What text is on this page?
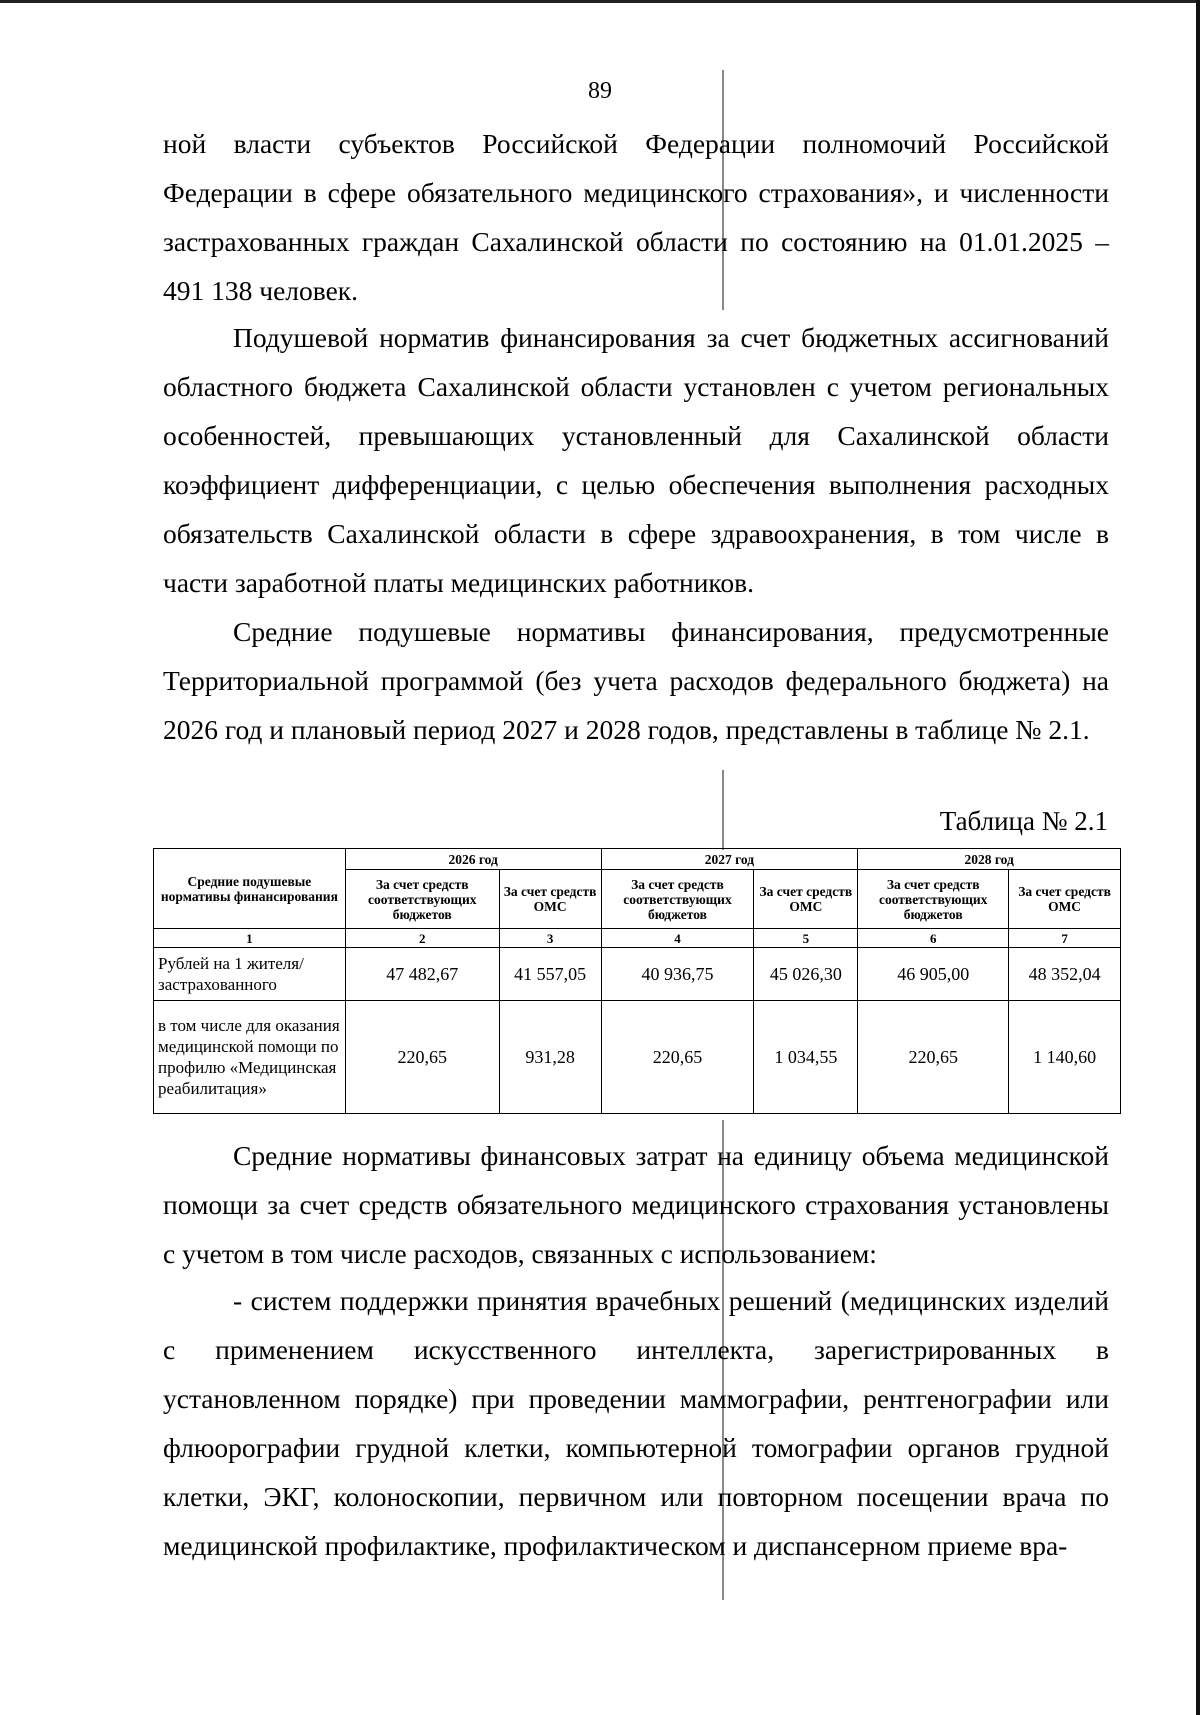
89

ной власти субъектов Российской Федерации полномочий Российской Федерации в сфере обязательного медицинского страхования», и численности застрахованных граждан Сахалинской области по состоянию на 01.01.2025 – 491 138 человек.

Подушевой норматив финансирования за счет бюджетных ассигнований областного бюджета Сахалинской области установлен с учетом региональных особенностей, превышающих установленный для Сахалинской области коэффициент дифференциации, с целью обеспечения выполнения расходных обязательств Сахалинской области в сфере здравоохранения, в том числе в части заработной платы медицинских работников.

Средние подушевые нормативы финансирования, предусмотренные Территориальной программой (без учета расходов федерального бюджета) на 2026 год и плановый период 2027 и 2028 годов, представлены в таблице № 2.1.

Таблица № 2.1
Средние подушевые нормативы финансирования	2026 год		2027 год		2028 год	
	За счет средств соответствующих бюджетов	За счет средств ОМС	За счет средств соответствующих бюджетов	За счет средств ОМС	За счет средств соответствующих бюджетов	За счет средств ОМС
1	2	3	4	5	6	7
Рублей на 1 жителя/ застрахованного	47 482,67	41 557,05	40 936,75	45 026,30	46 905,00	48 352,04
в том числе для оказания медицинской помощи по профилю «Медицинская реабилитация»	220,65	931,28	220,65	1 034,55	220,65	1 140,60

Средние нормативы финансовых затрат на единицу объема медицинской помощи за счет средств обязательного медицинского страхования установлены с учетом в том числе расходов, связанных с использованием:

- систем поддержки принятия врачебных решений (медицинских изделий с применением искусственного интеллекта, зарегистрированных в установленном порядке) при проведении маммографии, рентгенографии или флюорографии грудной клетки, компьютерной томографии органов грудной клетки, ЭКГ, колоноскопии, первичном или повторном посещении врача по медицинской профилактике, профилактическом и диспансерном приеме вра-
